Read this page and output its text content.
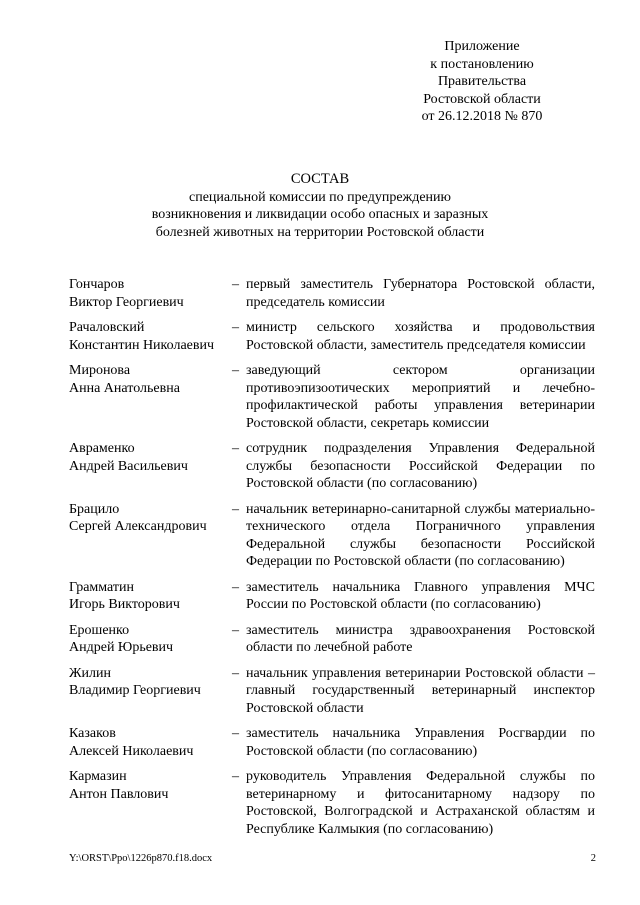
Приложение
к постановлению
Правительства
Ростовской области
от 26.12.2018 № 870
СОСТАВ
специальной комиссии по предупреждению
возникновения и ликвидации особо опасных и заразных
болезней животных на территории Ростовской области
Гончаров
Виктор Георгиевич
– первый заместитель Губернатора Ростовской области, председатель комиссии
Рачаловский
Константин Николаевич
– министр сельского хозяйства и продовольствия Ростовской области, заместитель председателя комиссии
Миронова
Анна Анатольевна
– заведующий сектором организации противоэпизоотических мероприятий и лечебно-профилактической работы управления ветеринарии Ростовской области, секретарь комиссии
Авраменко
Андрей Васильевич
– сотрудник подразделения Управления Федеральной службы безопасности Российской Федерации по Ростовской области (по согласованию)
Брацило
Сергей Александрович
– начальник ветеринарно-санитарной службы материально-технического отдела Пограничного управления Федеральной службы безопасности Российской Федерации по Ростовской области (по согласованию)
Грамматин
Игорь Викторович
– заместитель начальника Главного управления МЧС России по Ростовской области (по согласованию)
Ерошенко
Андрей Юрьевич
– заместитель министра здравоохранения Ростовской области по лечебной работе
Жилин
Владимир Георгиевич
– начальник управления ветеринарии Ростовской области – главный государственный ветеринарный инспектор Ростовской области
Казаков
Алексей Николаевич
– заместитель начальника Управления Росгвардии по Ростовской области (по согласованию)
Кармазин
Антон Павлович
– руководитель Управления Федеральной службы по ветеринарному и фитосанитарному надзору по Ростовской, Волгоградской и Астраханской областям и Республике Калмыкия (по согласованию)
Y:\ORST\Ppo\1226p870.f18.docx	2
